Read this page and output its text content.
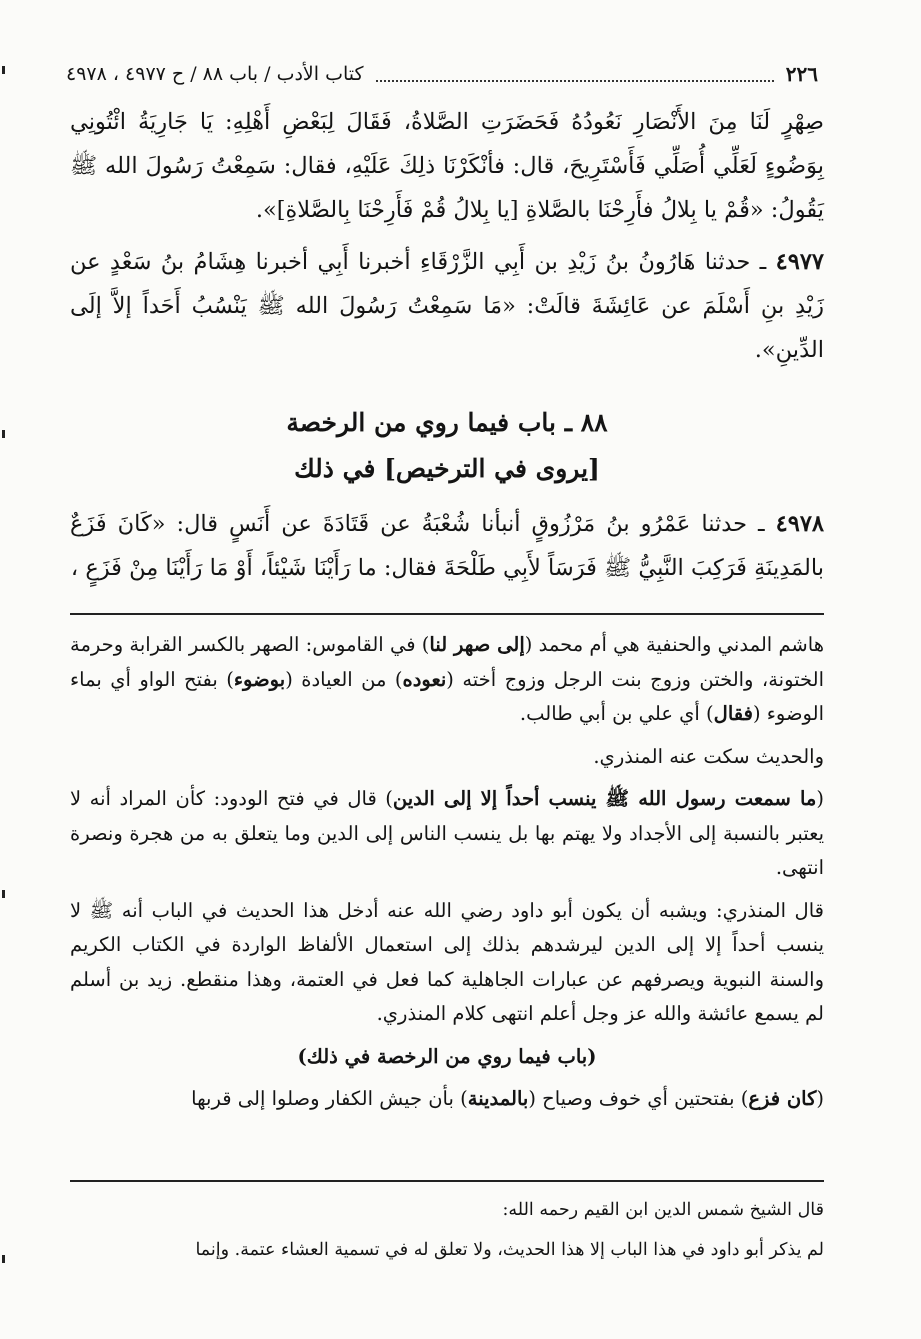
٢٢٦
كتاب الأدب / باب ٨٨ / ح ٤٩٧٧ ، ٤٩٧٨

صِهْرٍ لَنَا مِنَ الأَنْصَارِ نَعُودُهُ فَحَضَرَتِ الصَّلاةُ، فَقَالَ لِبَعْضِ أَهْلِهِ: يَا جَارِيَةُ ائْتُونِي بِوَضُوءٍ لَعَلِّي أُصَلِّي فَأَسْتَرِيحَ، قال: فأنْكَرْنَا ذلِكَ عَلَيْهِ، فقال: سَمِعْتُ رَسُولَ الله ﷺ يَقُولُ: «قُمْ يا بِلالُ فأَرِحْنَا بالصَّلاةِ [يا بِلالُ قُمْ فَأَرِحْنَا بِالصَّلاةِ]».

٤٩٧٧ ـ حدثنا هَارُونُ بنُ زَيْدِ بن أَبِي الزَّرْقَاءِ أخبرنا أَبِي أخبرنا هِشَامُ بنُ سَعْدٍ عن زَيْدِ بنِ أَسْلَمَ عن عَائِشَةَ قالَتْ: «مَا سَمِعْتُ رَسُولَ الله ﷺ يَنْسُبُ أَحَداً إلاَّ إلَى الدِّينِ».

٨٨ ـ باب فيما روي من الرخصة
[يروى في الترخيص] في ذلك

٤٩٧٨ ـ حدثنا عَمْرُو بنُ مَرْزُوقٍ أنبأنا شُعْبَةُ عن قَتَادَةَ عن أَنَسٍ قال: «كَانَ فَزَعٌ بالمَدِينَةِ فَرَكِبَ النَّبِيُّ ﷺ فَرَسَاً لأَبِي طَلْحَةَ فقال: ما رَأَيْنَا شَيْئاً، أَوْ مَا رَأَيْنَا مِنْ فَزَعٍ ،

هاشم المدني والحنفية هي أم محمد (إلى صهر لنا) في القاموس: الصهر بالكسر القرابة وحرمة الختونة، والختن وزوج بنت الرجل وزوج أخته (نعوده) من العيادة (بوضوء) بفتح الواو أي بماء الوضوء (فقال) أي علي بن أبي طالب.

والحديث سكت عنه المنذري.

(ما سمعت رسول الله ﷺ ينسب أحداً إلا إلى الدين) قال في فتح الودود: كأن المراد أنه لا يعتبر بالنسبة إلى الأجداد ولا يهتم بها بل ينسب الناس إلى الدين وما يتعلق به من هجرة ونصرة انتهى.

قال المنذري: ويشبه أن يكون أبو داود رضي الله عنه أدخل هذا الحديث في الباب أنه ﷺ لا ينسب أحداً إلا إلى الدين ليرشدهم بذلك إلى استعمال الألفاظ الواردة في الكتاب الكريم والسنة النبوية ويصرفهم عن عبارات الجاهلية كما فعل في العتمة، وهذا منقطع. زيد بن أسلم لم يسمع عائشة والله عز وجل أعلم انتهى كلام المنذري.

(باب فيما روي من الرخصة في ذلك)

(كان فزع) بفتحتين أي خوف وصياح (بالمدينة) بأن جيش الكفار وصلوا إلى قربها

قال الشيخ شمس الدين ابن القيم رحمه الله:

لم يذكر أبو داود في هذا الباب إلا هذا الحديث، ولا تعلق له في تسمية العشاء عتمة. وإنما
